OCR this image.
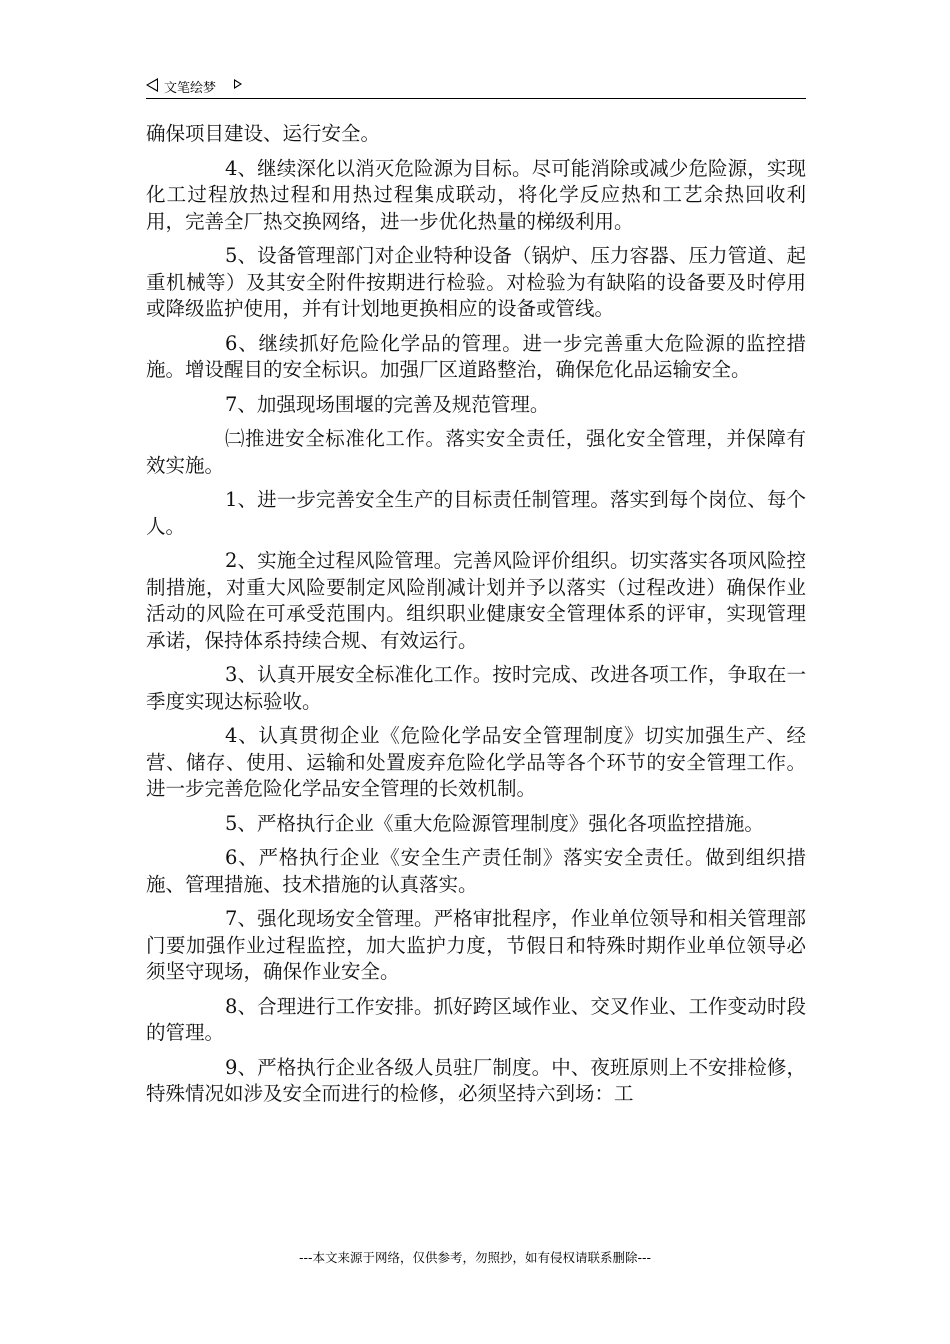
文笔绘梦

确保项目建设、运行安全。

4、继续深化以消灭危险源为目标。尽可能消除或减少危险源，实现化工过程放热过程和用热过程集成联动，将化学反应热和工艺余热回收利用，完善全厂热交换网络，进一步优化热量的梯级利用。

5、设备管理部门对企业特种设备（锅炉、压力容器、压力管道、起重机械等）及其安全附件按期进行检验。对检验为有缺陷的设备要及时停用或降级监护使用，并有计划地更换相应的设备或管线。

6、继续抓好危险化学品的管理。进一步完善重大危险源的监控措施。增设醒目的安全标识。加强厂区道路整治，确保危化品运输安全。

7、加强现场围堰的完善及规范管理。

㈡推进安全标准化工作。落实安全责任，强化安全管理，并保障有效实施。

1、进一步完善安全生产的目标责任制管理。落实到每个岗位、每个人。

2、实施全过程风险管理。完善风险评价组织。切实落实各项风险控制措施，对重大风险要制定风险削减计划并予以落实（过程改进）确保作业活动的风险在可承受范围内。组织职业健康安全管理体系的评审，实现管理承诺，保持体系持续合规、有效运行。

3、认真开展安全标准化工作。按时完成、改进各项工作，争取在一季度实现达标验收。

4、认真贯彻企业《危险化学品安全管理制度》切实加强生产、经营、储存、使用、运输和处置废弃危险化学品等各个环节的安全管理工作。进一步完善危险化学品安全管理的长效机制。

5、严格执行企业《重大危险源管理制度》强化各项监控措施。

6、严格执行企业《安全生产责任制》落实安全责任。做到组织措施、管理措施、技术措施的认真落实。

7、强化现场安全管理。严格审批程序，作业单位领导和相关管理部门要加强作业过程监控，加大监护力度，节假日和特殊时期作业单位领导必须坚守现场，确保作业安全。

8、合理进行工作安排。抓好跨区域作业、交叉作业、工作变动时段的管理。

9、严格执行企业各级人员驻厂制度。中、夜班原则上不安排检修，特殊情况如涉及安全而进行的检修，必须坚持六到场：工

---本文来源于网络，仅供参考，勿照抄，如有侵权请联系删除---
